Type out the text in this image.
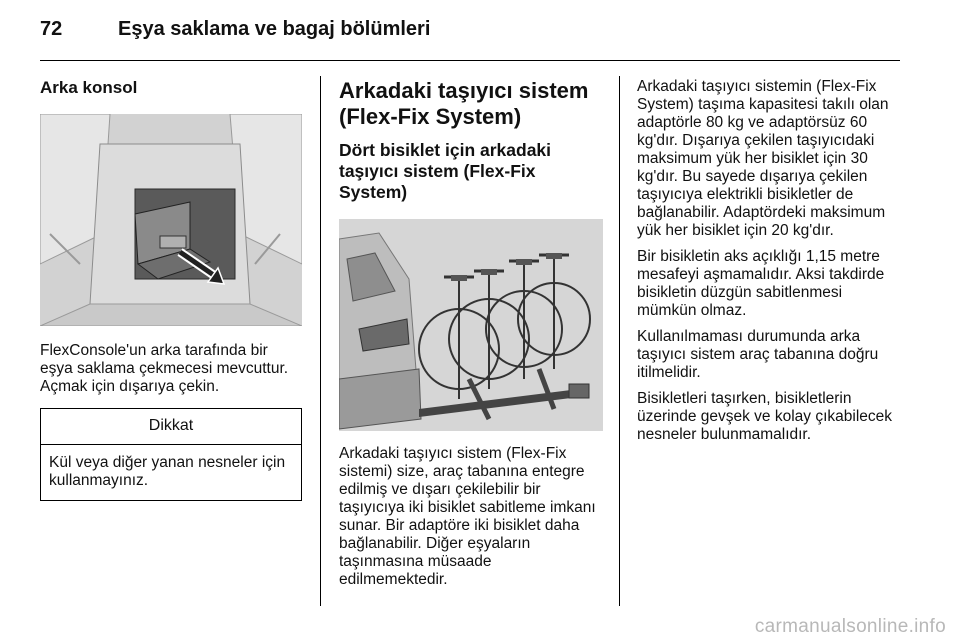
72	Eşya saklama ve bagaj bölümleri
Arka konsol

FlexConsole'un arka tarafında bir eşya saklama çekmecesi mevcuttur. Açmak için dışarıya çekin.

Dikkat
Kül veya diğer yanan nesneler için kullanmayınız.
Arkadaki taşıyıcı sistem (Flex-Fix System)
Dört bisiklet için arkadaki taşıyıcı sistem (Flex-Fix System)

Arkadaki taşıyıcı sistem (Flex-Fix sistemi) size, araç tabanına entegre edilmiş ve dışarı çekilebilir bir taşıyıcıya iki bisiklet sabitleme imkanı sunar. Bir adaptöre iki bisiklet daha bağlanabilir. Diğer eşyaların taşınmasına müsaade edilmemektedir.

Arkadaki taşıyıcı sistemin (Flex-Fix System) taşıma kapasitesi takılı olan adaptörle 80 kg ve adaptörsüz 60 kg'dır. Dışarıya çekilen taşıyıcıdaki maksimum yük her bisiklet için 30 kg'dır. Bu sayede dışarıya çekilen taşıyıcıya elektrikli bisikletler de bağlanabilir. Adaptördeki maksimum yük her bisiklet için 20 kg'dır.

Bir bisikletin aks açıklığı 1,15 metre mesafeyi aşmamalıdır. Aksi takdirde bisikletin düzgün sabitlenmesi mümkün olmaz.

Kullanılmaması durumunda arka taşıyıcı sistem araç tabanına doğru itilmelidir.

Bisikletleri taşırken, bisikletlerin üzerinde gevşek ve kolay çıkabilecek nesneler bulunmamalıdır.

carmanualsonline.info
